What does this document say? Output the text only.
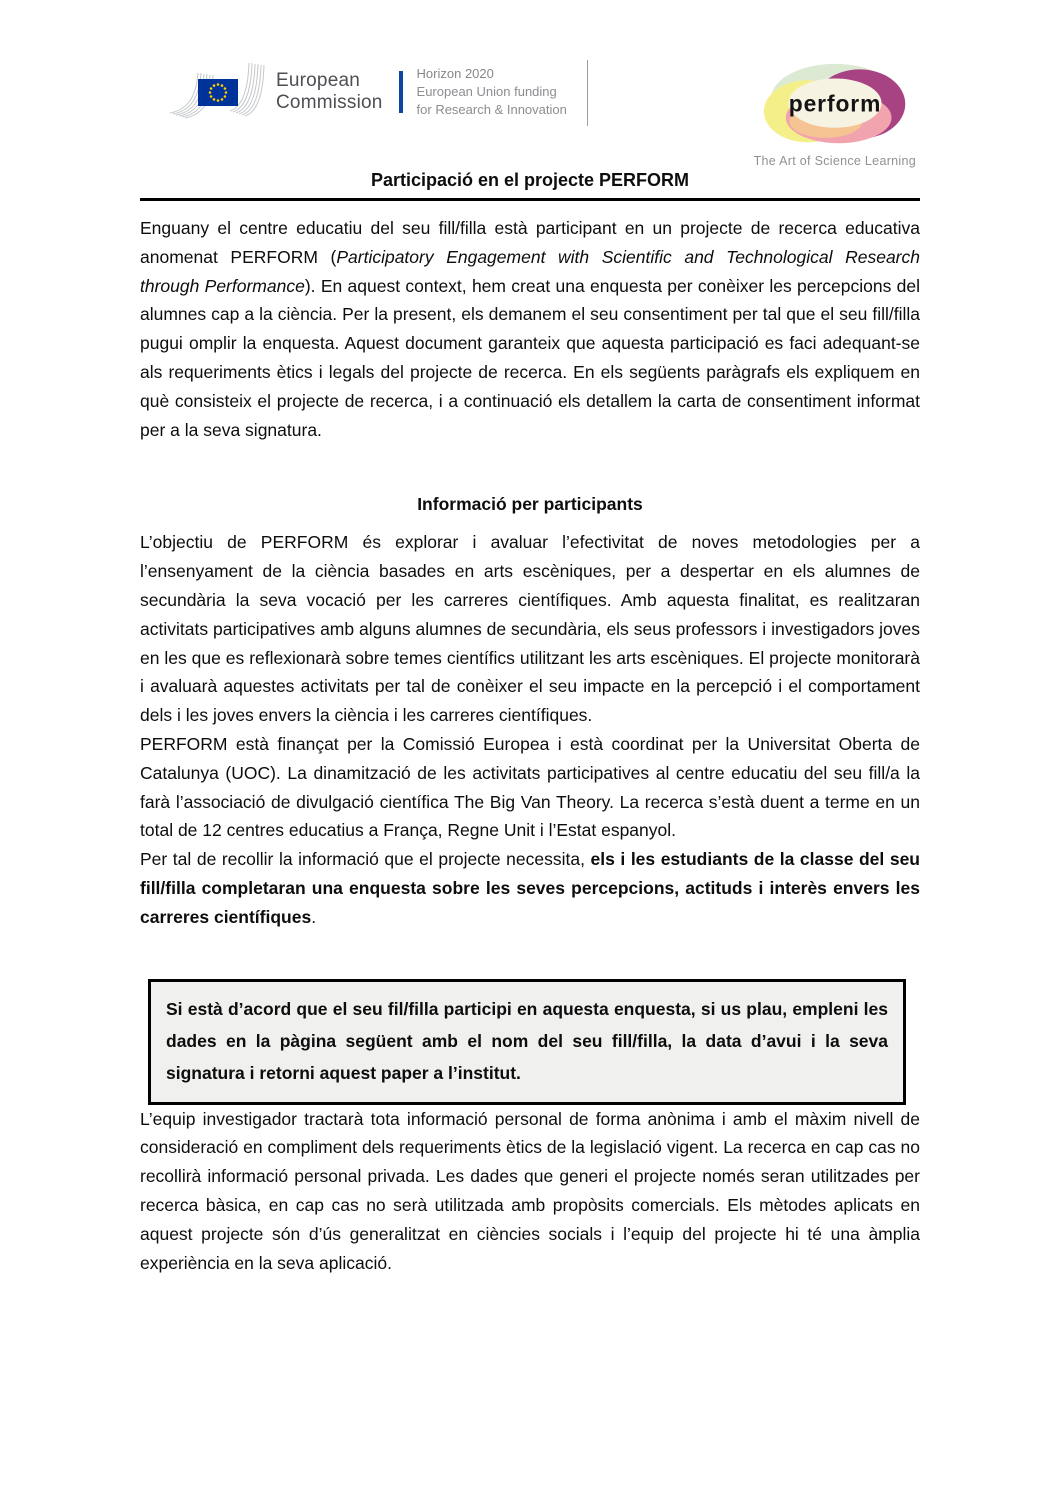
European
Commission
Horizon 2020
European Union funding
for Research & Innovation	perform
The Art of Science Learning
Participació en el projecte PERFORM

Enguany el centre educatiu del seu fill/filla està participant en un projecte de recerca educativa anomenat PERFORM (Participatory Engagement with Scientific and Technological Research through Performance). En aquest context, hem creat una enquesta per conèixer les percepcions del alumnes cap a la ciència. Per la present, els demanem el seu consentiment per tal que el seu fill/filla pugui omplir la enquesta. Aquest document garanteix que aquesta participació es faci adequant-se als requeriments ètics i legals del projecte de recerca. En els següents paràgrafs els expliquem en què consisteix el projecte de recerca, i a continuació els detallem la carta de consentiment informat per a la seva signatura.

Informació per participants

L’objectiu de PERFORM és explorar i avaluar l’efectivitat de noves metodologies per a l’ensenyament de la ciència basades en arts escèniques, per a despertar en els alumnes de secundària la seva vocació per les carreres científiques. Amb aquesta finalitat, es realitzaran activitats participatives amb alguns alumnes de secundària, els seus professors i investigadors joves en les que es reflexionarà sobre temes científics utilitzant les arts escèniques. El projecte monitorarà i avaluarà aquestes activitats per tal de conèixer el seu impacte en la percepció i el comportament dels i les joves envers la ciència i les carreres científiques.

PERFORM està finançat per la Comissió Europea i està coordinat per la Universitat Oberta de Catalunya (UOC). La dinamització de les activitats participatives al centre educatiu del seu fill/a la farà l’associació de divulgació científica The Big Van Theory. La recerca s’està duent a terme en un total de 12 centres educatius a França, Regne Unit i l’Estat espanyol.

Per tal de recollir la informació que el projecte necessita, els i les estudiants de la classe del seu fill/filla completaran una enquesta sobre les seves percepcions, actituds i interès envers les carreres científiques.

Si està d’acord que el seu fil/filla participi en aquesta enquesta, si us plau, empleni les dades en la pàgina següent amb el nom del seu fill/filla, la data d’avui i la seva signatura i retorni aquest paper a l’institut.

L’equip investigador tractarà tota informació personal de forma anònima i amb el màxim nivell de consideració en compliment dels requeriments ètics de la legislació vigent. La recerca en cap cas no recollirà informació personal privada. Les dades que generi el projecte només seran utilitzades per recerca bàsica, en cap cas no serà utilitzada amb propòsits comercials. Els mètodes aplicats en aquest projecte són d’ús generalitzat en ciències socials i l’equip del projecte hi té una àmplia experiència en la seva aplicació.
